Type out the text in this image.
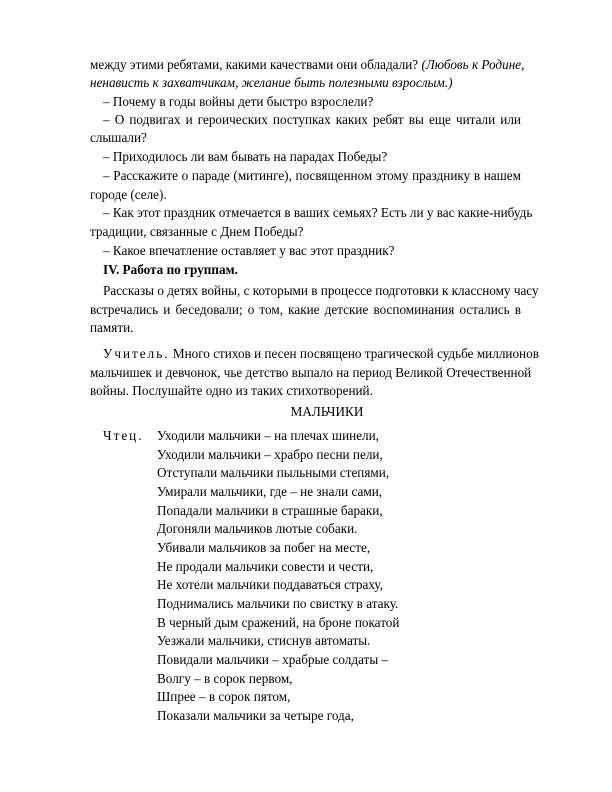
между этими ребятами, какими качествами они обладали? (Любовь к Родине,
ненависть к захватчикам, желание быть полезными взрослым.)
– Почему в годы войны дети быстро взрослели?
– О подвигах и героических поступках каких ребят вы еще читали или
слышали?
– Приходилось ли вам бывать на парадах Победы?
– Расскажите о параде (митинге), посвященном этому празднику в нашем
городе (селе).
– Как этот праздник отмечается в ваших семьях? Есть ли у вас какие-нибудь
традиции, связанные с Днем Победы?
– Какое впечатление оставляет у вас этот праздник?
IV. Работа по группам.
Рассказы о детях войны, с которыми в процессе подготовки к классному часу
встречались и беседовали; о том, какие детские воспоминания остались в
памяти.
Учитель. Много стихов и песен посвящено трагической судьбе миллионов
мальчишек и девчонок, чье детство выпало на период Великой Отечественной
войны. Послушайте одно из таких стихотворений.
МАЛЬЧИКИ
Чтец. Уходили мальчики – на плечах шинели,
Уходили мальчики – храбро песни пели,
Отступали мальчики пыльными степями,
Умирали мальчики, где – не знали сами,
Попадали мальчики в страшные бараки,
Догоняли мальчиков лютые собаки.
Убивали мальчиков за побег на месте,
Не продали мальчики совести и чести,
Не хотели мальчики поддаваться страху,
Поднимались мальчики по свистку в атаку.
В черный дым сражений, на броне покатой
Уезжали мальчики, стиснув автоматы.
Повидали мальчики – храбрые солдаты –
Волгу – в сорок первом,
Шпрее – в сорок пятом,
Показали мальчики за четыре года,
